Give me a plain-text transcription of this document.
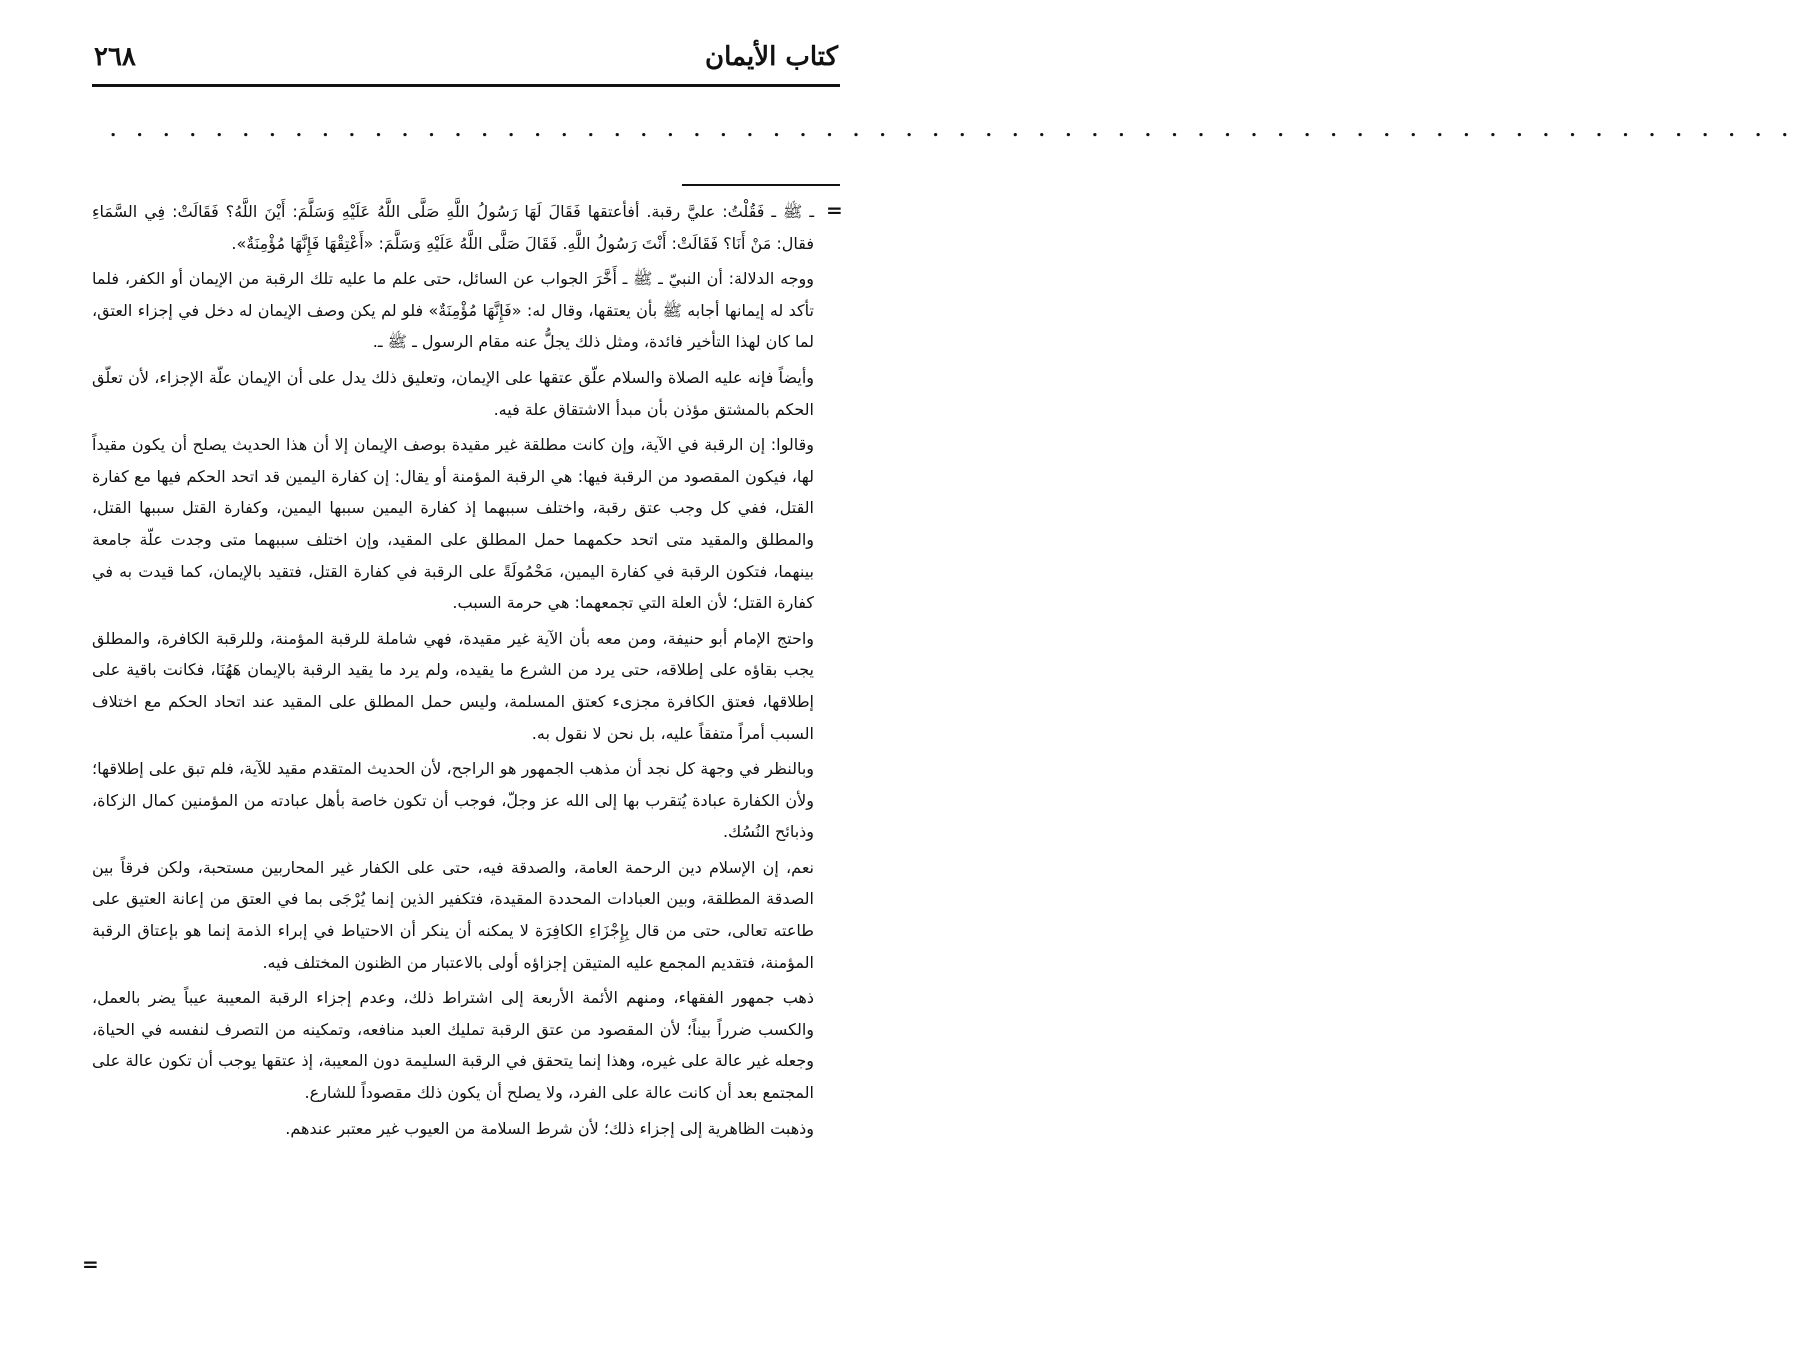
كتاب الأيمان
٢٦٨
. . . . . . . . . . . . . . . . . . . . . . . . . . . . . . . . . . . . . . . . . . . . . . . . . . . . . . . . . . . . . . . .
=
=

ـ ﷺ ـ فَقُلْتُ: عليَّ رقبة. أفأعتقها فَقَالَ لَهَا رَسُولُ اللَّهِ صَلَّى اللَّهُ عَلَيْهِ وَسَلَّمَ: أَيْنَ اللَّهُ؟ فَقَالَتْ: فِي السَّمَاءِ فقال: مَنْ أَنَا؟ فَقَالَتْ: أَنْتَ رَسُولُ اللَّهِ. فَقَالَ صَلَّى اللَّهُ عَلَيْهِ وَسَلَّمَ: «أَعْتِقْهَا فَإِنَّهَا مُؤْمِنَةٌ».

ووجه الدلالة: أن النبيّ ـ ﷺ ـ أَخَّرَ الجواب عن السائل، حتى علم ما عليه تلك الرقبة من الإيمان أو الكفر، فلما تأكد له إيمانها أجابه ﷺ بأن يعتقها، وقال له: «فَإِنَّهَا مُؤْمِنَةٌ» فلو لم يكن وصف الإيمان له دخل في إجزاء العتق، لما كان لهذا التأخير فائدة، ومثل ذلك يجلُّ عنه مقام الرسول ـ ﷺ ـ.

وأيضاً فإنه عليه الصلاة والسلام علّق عتقها على الإيمان، وتعليق ذلك يدل على أن الإيمان علّة الإجزاء، لأن تعلّق الحكم بالمشتق مؤذن بأن مبدأ الاشتقاق علة فيه.

وقالوا: إن الرقبة في الآية، وإن كانت مطلقة غير مقيدة بوصف الإيمان إلا أن هذا الحديث يصلح أن يكون مقيداً لها، فيكون المقصود من الرقبة فيها: هي الرقبة المؤمنة أو يقال: إن كفارة اليمين قد اتحد الحكم فيها مع كفارة القتل، ففي كل وجب عتق رقبة، واختلف سببهما إذ كفارة اليمين سببها اليمين، وكفارة القتل سببها القتل، والمطلق والمقيد متى اتحد حكمهما حمل المطلق على المقيد، وإن اختلف سببهما متى وجدت علّة جامعة بينهما، فتكون الرقبة في كفارة اليمين، مَحْمُولَةً على الرقبة في كفارة القتل، فتقيد بالإيمان، كما قيدت به في كفارة القتل؛ لأن العلة التي تجمعهما: هي حرمة السبب.

واحتج الإمام أبو حنيفة، ومن معه بأن الآية غير مقيدة، فهي شاملة للرقبة المؤمنة، وللرقبة الكافرة، والمطلق يجب بقاؤه على إطلاقه، حتى يرد من الشرع ما يقيده، ولم يرد ما يقيد الرقبة بالإيمان هَهُنَا، فكانت باقية على إطلاقها، فعتق الكافرة مجزىء كعتق المسلمة، وليس حمل المطلق على المقيد عند اتحاد الحكم مع اختلاف السبب أمراً متفقاً عليه، بل نحن لا نقول به.

وبالنظر في وجهة كل نجد أن مذهب الجمهور هو الراجح، لأن الحديث المتقدم مقيد للآية، فلم تبق على إطلاقها؛ ولأن الكفارة عبادة يُتقرب بها إلى الله عز وجلّ، فوجب أن تكون خاصة بأهل عبادته من المؤمنين كمال الزكاة، وذبائح النُسُك.

نعم، إن الإسلام دين الرحمة العامة، والصدقة فيه، حتى على الكفار غير المحاربين مستحبة، ولكن فرقاً بين الصدقة المطلقة، وبين العبادات المحددة المقيدة، فتكفير الذين إنما يُرْجَى بما في العتق من إعانة العتيق على طاعته تعالى، حتى من قال بِإِجْزَاءِ الكافِرَة لا يمكنه أن ينكر أن الاحتياط في إبراء الذمة إنما هو بإعتاق الرقبة المؤمنة، فتقديم المجمع عليه المتيقن إجزاؤه أولى بالاعتبار من الظنون المختلف فيه.

ذهب جمهور الفقهاء، ومنهم الأئمة الأربعة إلى اشتراط ذلك، وعدم إجزاء الرقبة المعيبة عيباً يضر بالعمل، والكسب ضرراً بيناً؛ لأن المقصود من عتق الرقبة تمليك العبد منافعه، وتمكينه من التصرف لنفسه في الحياة، وجعله غير عالة على غيره، وهذا إنما يتحقق في الرقبة السليمة دون المعيبة، إذ عتقها يوجب أن تكون عالة على المجتمع بعد أن كانت عالة على الفرد، ولا يصلح أن يكون ذلك مقصوداً للشارع.

وذهبت الظاهرية إلى إجزاء ذلك؛ لأن شرط السلامة من العيوب غير معتبر عندهم.
